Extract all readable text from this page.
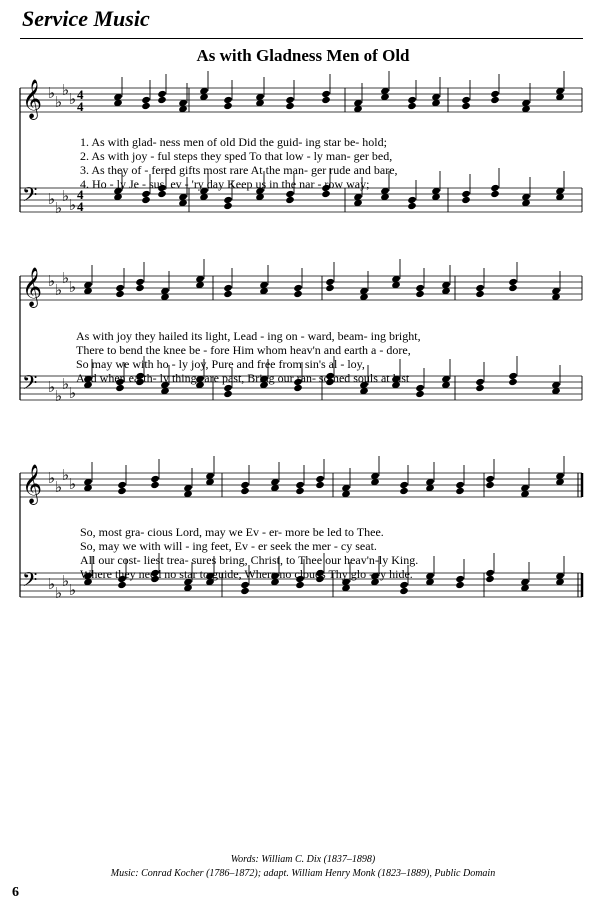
Service Music
As with Gladness Men of Old
𝄞 ♭
♭
♭
♭ 4
4
𝄢 ♭
♭
♭
♭
4
4
1. As with glad- ness men of old Did the guid- ing star be- hold;
2. As with joy - ful steps they sped To that low - ly man- ger bed,
3. As they of - fered gifts most rare At the man- ger rude and bare,
4. Ho - ly Je - sus, ev - 'ry day Keep us in the nar - row way;
𝄞 ♭
♭
♭
♭
𝄢 ♭
♭
♭
♭
As with joy they hailed its light, Lead - ing on - ward, beam- ing bright,
There to bend the knee be - fore Him whom heav'n and earth a - dore,
So may we with ho - ly joy, Pure and free from sin's al - loy,
And when earth- ly things are past, Bring our ran- somed souls at last
𝄞 ♭
♭
♭
♭
𝄢 ♭
♭
♭
♭
So, most gra- cious Lord, may we Ev - er- more be led to Thee.
So, may we with will - ing feet, Ev - er seek the mer - cy seat.
All our cost- liest trea- sures bring, Christ, to Thee our heav'n-ly King.
Where they need no star to guide, Where no clouds Thy glo - ry hide.
Words: William C. Dix (1837–1898)
Music: Conrad Kocher (1786–1872); adapt. William Henry Monk (1823–1889), Public Domain
6
